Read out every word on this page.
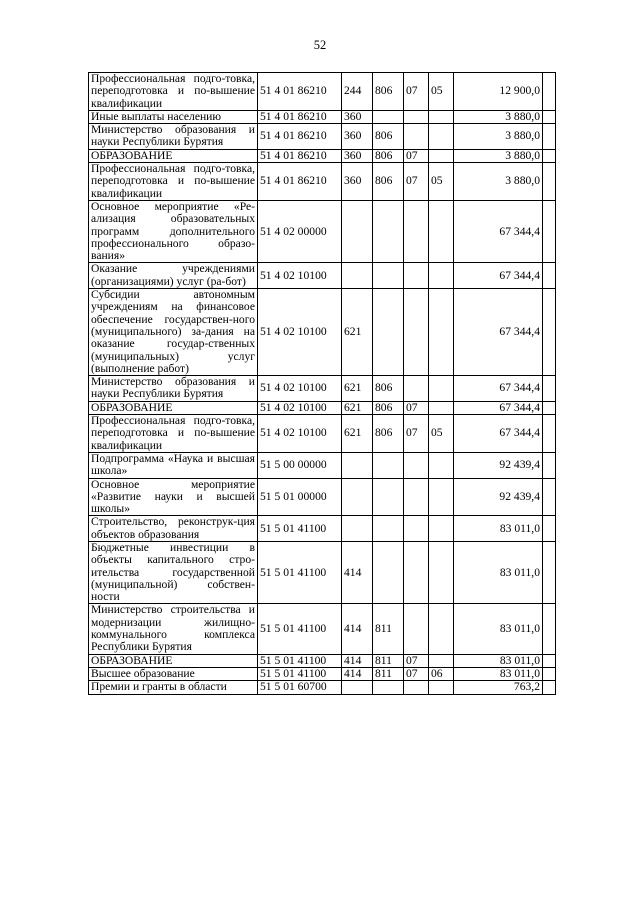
52
Профессиональная подго-товка, переподготовка и по-вышение квалификации	51 4 01 86210	244	806	07	05	12 900,0	
Иные выплаты населению	51 4 01 86210	360				3 880,0	
Министерство образования и науки Республики Бурятия	51 4 01 86210	360	806			3 880,0	
ОБРАЗОВАНИЕ	51 4 01 86210	360	806	07		3 880,0	
Профессиональная подго-товка, переподготовка и по-вышение квалификации	51 4 01 86210	360	806	07	05	3 880,0	
Основное мероприятие «Ре-ализация образовательных программ дополнительного профессионального образо-вания»	51 4 02 00000					67 344,4	
Оказание учреждениями (организациями) услуг (ра-бот)	51 4 02 10100					67 344,4	
Субсидии автономным учреждениям на финансовое обеспечение государствен-ного (муниципального) за-дания на оказание государ-ственных (муниципальных) услуг (выполнение работ)	51 4 02 10100	621				67 344,4	
Министерство образования и науки Республики Бурятия	51 4 02 10100	621	806			67 344,4	
ОБРАЗОВАНИЕ	51 4 02 10100	621	806	07		67 344,4	
Профессиональная подго-товка, переподготовка и по-вышение квалификации	51 4 02 10100	621	806	07	05	67 344,4	
Подпрограмма «Наука и высшая школа»	51 5 00 00000					92 439,4	
Основное мероприятие «Развитие науки и высшей школы»	51 5 01 00000					92 439,4	
Строительство, реконструк-ция объектов образования	51 5 01 41100					83 011,0	
Бюджетные инвестиции в объекты капитального стро-ительства государственной (муниципальной) собствен-ности	51 5 01 41100	414				83 011,0	
Министерство строительства и модернизации жилищно-коммунального комплекса Республики Бурятия	51 5 01 41100	414	811			83 011,0	
ОБРАЗОВАНИЕ	51 5 01 41100	414	811	07		83 011,0	
Высшее образование	51 5 01 41100	414	811	07	06	83 011,0	
Премии и гранты в области	51 5 01 60700					763,2	
